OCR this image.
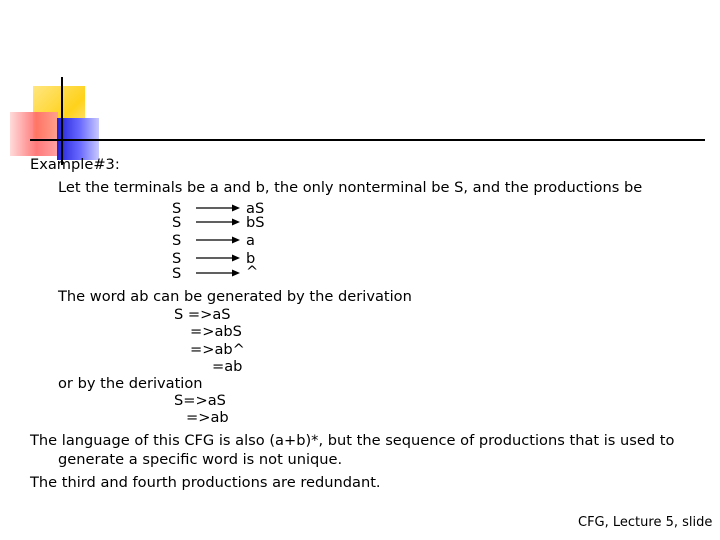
Example#3:
Let the terminals be a and b, the only nonterminal be S, and the productions be
S	aS
S	bS
S	a
S	b
S	^
The word ab can be generated by the derivation
S =>aS
=>abS
=>ab^
=ab
or by the derivation
S=>aS
=>ab
The language of this CFG is also (a+b)*, but the sequence of productions that is used to
generate a specific word is not unique.
The third and fourth productions are redundant.
CFG, Lecture 5, slide
